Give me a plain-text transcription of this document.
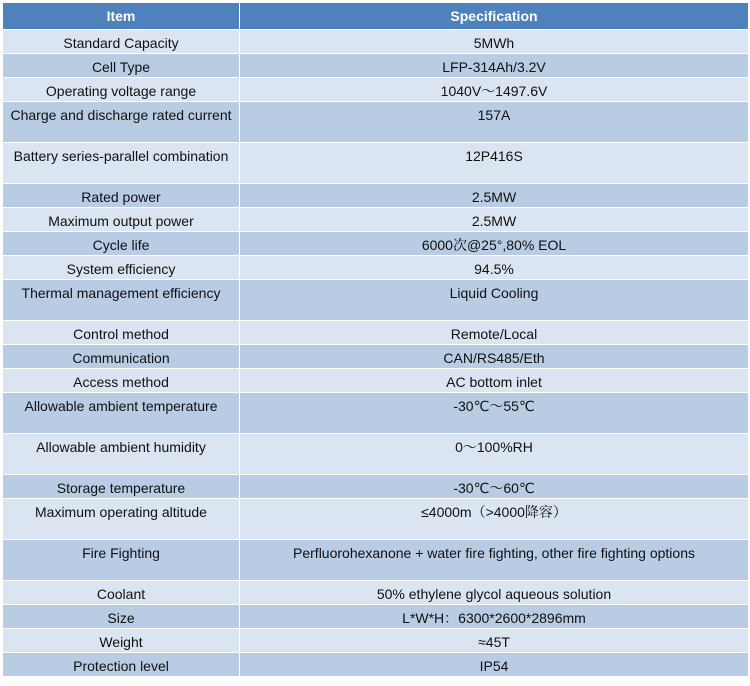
Item	Specification
Standard Capacity	5MWh
Cell Type	LFP-314Ah/3.2V
Operating voltage range	1040V～1497.6V
Charge and discharge rated current	157A
Battery series-parallel combination	12P416S
Rated power	2.5MW
Maximum output power	2.5MW
Cycle life	6000次@25°,80% EOL
System efficiency	94.5%
Thermal management efficiency	Liquid Cooling
Control method	Remote/Local
Communication	CAN/RS485/Eth
Access method	AC bottom inlet
Allowable ambient temperature	-30℃～55℃
Allowable ambient humidity	0～100%RH
Storage temperature	-30℃～60℃
Maximum operating altitude	≤4000m（>4000降容）
Fire Fighting	Perfluorohexanone + water fire fighting, other fire fighting options
Coolant	50% ethylene glycol aqueous solution
Size	L*W*H：6300*2600*2896mm
Weight	≈45T
Protection level	IP54
